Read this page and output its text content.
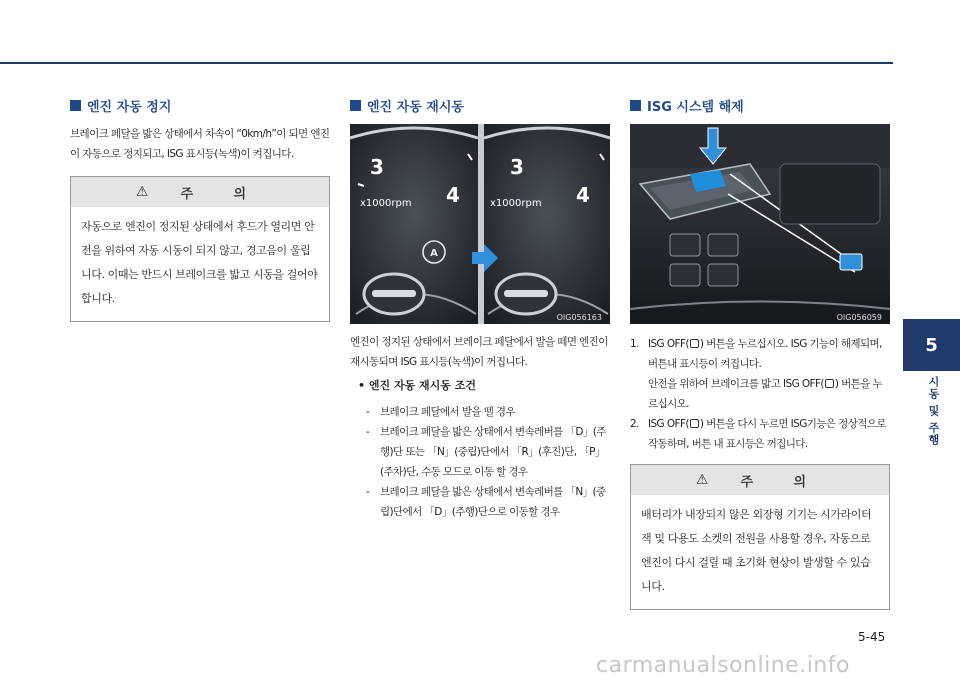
엔진 자동 정지

브레이크 페달을 밟은 상태에서 차속이 “0km/h”이 되면 엔진이 자동으로 정지되고, ISG 표시등(녹색)이 켜집니다.

⚠	주 의
자동으로 엔진이 정지된 상태에서 후드가 열리면 안전을 위하여 자동 시동이 되지 않고, 경고음이 울립니다. 이때는 반드시 브레이크를 밟고 시동을 걸어야 합니다.
엔진 자동 재시동
A
3
4
x1000rpm
3
4
x1000rpm
OIG056163

엔진이 정지된 상태에서 브레이크 페달에서 발을 떼면 엔진이 재시동되며 ISG 표시등(녹색)이 꺼집니다.

• 엔진 자동 재시동 조건
- 브레이크 페달에서 발을 뗄 경우
- 브레이크 페달을 밟은 상태에서 변속레버를 「D」(주행)단 또는 「N」(중립)단에서 「R」(후진)단, 「P」(주차)단, 수동 모드로 이동 할 경우
- 브레이크 페달을 밟은 상태에서 변속레버를 「N」(중립)단에서 「D」(주행)단으로 이동할 경우
ISG 시스템 해제
OIG056059
1. ISG OFF( ) 버튼을 누르십시오. ISG 기능이 해제되며, 버튼내 표시등이 켜집니다.
안전을 위하여 브레이크를 밟고 ISG OFF( ) 버튼을 누르십시오.
2. ISG OFF( ) 버튼을 다시 누르면 ISG기능은 정상적으로 작동하며, 버튼 내 표시등은 꺼집니다.
⚠	주 의
배터리가 내장되지 않은 외장형 기기는 시가라이터 잭 및 다용도 소켓의 전원을 사용할 경우, 자동으로 엔진이 다시 걸릴 때 초기화 현상이 발생할 수 있습니다.
5
시동 및 주행
5-45
carmanualsonline.info
